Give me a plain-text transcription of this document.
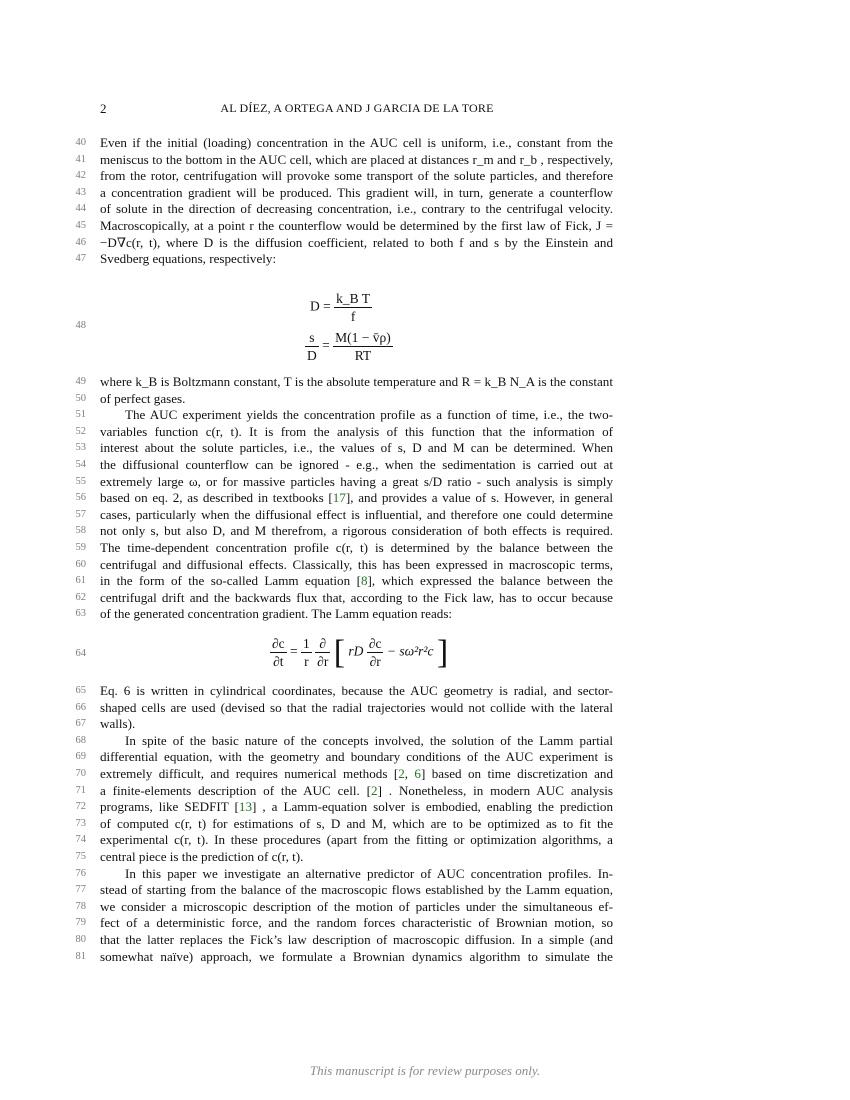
2	AL DÍEZ, A ORTEGA AND J GARCIA DE LA TORE
40 Even if the initial (loading) concentration in the AUC cell is uniform, i.e., constant from the
41 meniscus to the bottom in the AUC cell, which are placed at distances r_m and r_b , respectively,
42 from the rotor, centrifugation will provoke some transport of the solute particles, and therefore
43 a concentration gradient will be produced. This gradient will, in turn, generate a counterflow
44 of solute in the direction of decreasing concentration, i.e., contrary to the centrifugal velocity.
45 Macroscopically, at a point r the counterflow would be determined by the first law of Fick, J =
46 −D∇c(r, t), where D is the diffusion coefficient, related to both f and s by the Einstein and
47 Svedberg equations, respectively:
49 where k_B is Boltzmann constant, T is the absolute temperature and R = k_B N_A is the constant
50 of perfect gases.
51	The AUC experiment yields the concentration profile as a function of time, i.e., the two-
52 variables function c(r, t). It is from the analysis of this function that the information of
53 interest about the solute particles, i.e., the values of s, D and M can be determined. When
54 the diffusional counterflow can be ignored - e.g., when the sedimentation is carried out at
55 extremely large ω, or for massive particles having a great s/D ratio - such analysis is simply
56 based on eq. 2, as described in textbooks [17], and provides a value of s. However, in general
57 cases, particularly when the diffusional effect is influential, and therefore one could determine
58 not only s, but also D, and M therefrom, a rigorous consideration of both effects is required.
59 The time-dependent concentration profile c(r, t) is determined by the balance between the
60 centrifugal and diffusional effects. Classically, this has been expressed in macroscopic terms,
61 in the form of the so-called Lamm equation [8], which expressed the balance between the
62 centrifugal drift and the backwards flux that, according to the Fick law, has to occur because
63 of the generated concentration gradient. The Lamm equation reads:
65 Eq. 6 is written in cylindrical coordinates, because the AUC geometry is radial, and sector-
66 shaped cells are used (devised so that the radial trajectories would not collide with the lateral
67 walls).
68	In spite of the basic nature of the concepts involved, the solution of the Lamm partial
69 differential equation, with the geometry and boundary conditions of the AUC experiment is
70 extremely difficult, and requires numerical methods [2, 6] based on time discretization and
71 a finite-elements description of the AUC cell. [2] . Nonetheless, in modern AUC analysis
72 programs, like SEDFIT [13] , a Lamm-equation solver is embodied, enabling the prediction
73 of computed c(r, t) for estimations of s, D and M, which are to be optimized as to fit the
74 experimental c(r, t). In these procedures (apart from the fitting or optimization algorithms, a
75 central piece is the prediction of c(r, t).
76	In this paper we investigate an alternative predictor of AUC concentration profiles. In-
77 stead of starting from the balance of the macroscopic flows established by the Lamm equation,
78 we consider a microscopic description of the motion of particles under the simultaneous ef-
79 fect of a deterministic force, and the random forces characteristic of Brownian motion, so
80 that the latter replaces the Fick’s law description of macroscopic diffusion. In a simple (and
81 somewhat naïve) approach, we formulate a Brownian dynamics algorithm to simulate the
48
$D = \frac{\text{k\_B T}}{f}$
$\frac{s}{D} = \frac{M(1 - v̄\rho)}{RT}$
64	$\frac{\partial c}{\partial t} = \frac{1}{r}$
$\frac{\partial}{\partial r}$ [ rD $\frac{\partial c}{\partial r} - s\omega^2r^2c$ ]
This manuscript is for review purposes only.
